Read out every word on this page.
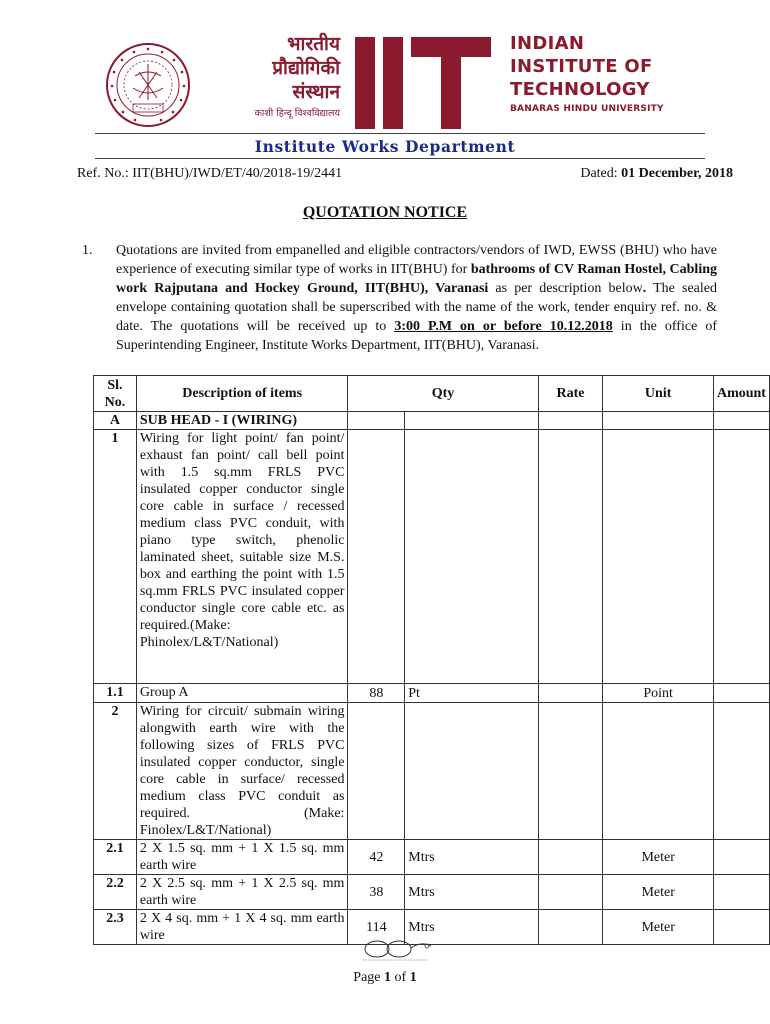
भारतीय
प्रौद्योगिकी
संस्थान
काशी हिन्दू विश्वविद्यालय
INDIAN
INSTITUTE OF
TECHNOLOGY
BANARAS HINDU UNIVERSITY
Institute Works Department
Ref. No.: IIT(BHU)/IWD/ET/40/2018-19/2441	Dated: 01 December, 2018
QUOTATION NOTICE
1. Quotations are invited from empanelled and eligible contractors/vendors of IWD, EWSS (BHU) who have experience of executing similar type of works in IIT(BHU) for bathrooms of CV Raman Hostel, Cabling work Rajputana and Hockey Ground, IIT(BHU), Varanasi as per description below. The sealed envelope containing quotation shall be superscribed with the name of the work, tender enquiry ref. no. & date. The quotations will be received up to 3:00 P.M on or before 10.12.2018 in the office of Superintending Engineer, Institute Works Department, IIT(BHU), Varanasi.
Sl. No.	Description of items	Qty		Rate	Unit	Amount
A	SUB HEAD - I (WIRING)					
1	Wiring for light point/ fan point/ exhaust fan point/ call bell point with 1.5 sq.mm FRLS PVC insulated copper conductor single core cable in surface / recessed medium class PVC conduit, with piano type switch, phenolic laminated sheet, suitable size M.S. box and earthing the point with 1.5 sq.mm FRLS PVC insulated copper conductor single core cable etc. as required.(Make: Phinolex/L&T/National)					
1.1	Group A	88	Pt		Point	
2	Wiring for circuit/ submain wiring alongwith earth wire with the following sizes of FRLS PVC insulated copper conductor, single core cable in surface/ recessed medium class PVC conduit as required. (Make: Finolex/L&T/National)					
2.1	2 X 1.5 sq. mm + 1 X 1.5 sq. mm earth wire	42	Mtrs		Meter	
2.2	2 X 2.5 sq. mm + 1 X 2.5 sq. mm earth wire	38	Mtrs		Meter	
2.3	2 X 4 sq. mm + 1 X 4 sq. mm earth wire	114	Mtrs		Meter	
Page 1 of 1
